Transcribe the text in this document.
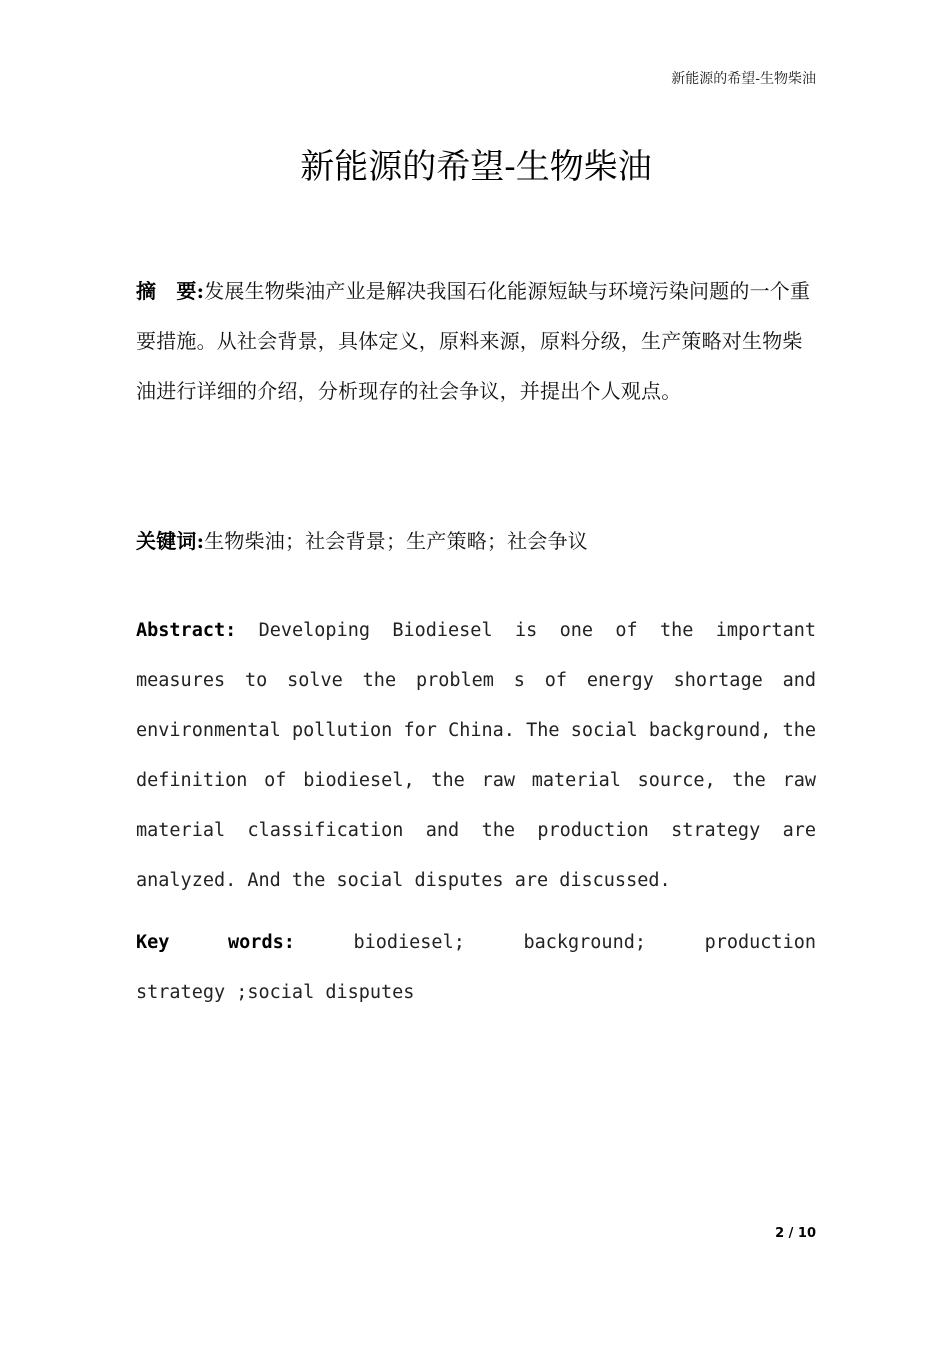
新能源的希望-生物柴油
新能源的希望-生物柴油
摘　要:发展生物柴油产业是解决我国石化能源短缺与环境污染问题的一个重要措施。从社会背景，具体定义，原料来源，原料分级，生产策略对生物柴油进行详细的介绍，分析现存的社会争议，并提出个人观点。
关键词:生物柴油；社会背景；生产策略；社会争议
Abstract: Developing Biodiesel is one of the important measures to solve the problem s of energy shortage and environmental pollution for China. The social background, the definition of biodiesel, the raw material source, the raw material classification and the production strategy are analyzed. And the social disputes are discussed.
Key	words:	biodiesel;	background;	production
strategy ;social disputes
2 / 10
